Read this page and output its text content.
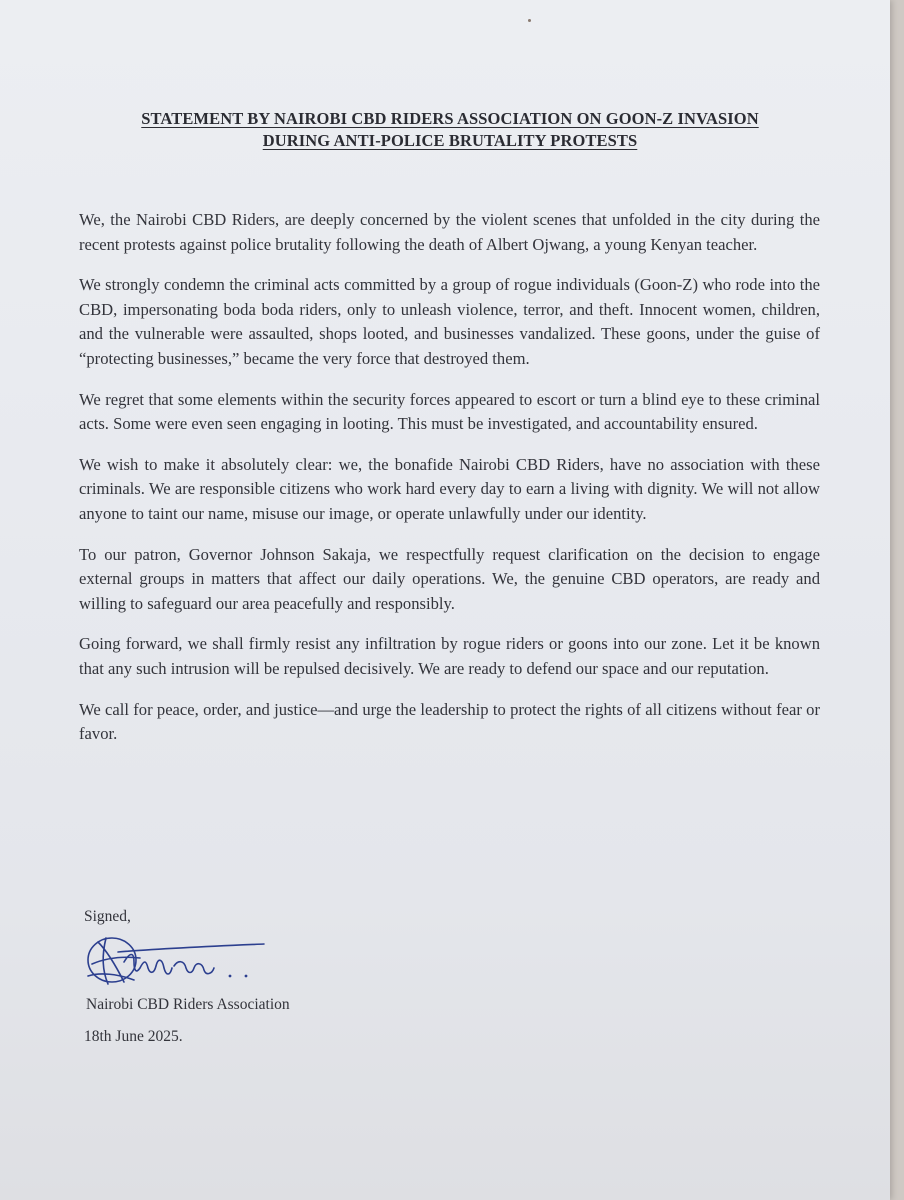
STATEMENT BY NAIROBI CBD RIDERS ASSOCIATION ON GOON-Z INVASION
DURING ANTI-POLICE BRUTALITY PROTESTS

We, the Nairobi CBD Riders, are deeply concerned by the violent scenes that unfolded in the city during the recent protests against police brutality following the death of Albert Ojwang, a young Kenyan teacher.

We strongly condemn the criminal acts committed by a group of rogue individuals (Goon-Z) who rode into the CBD, impersonating boda boda riders, only to unleash violence, terror, and theft. Innocent women, children, and the vulnerable were assaulted, shops looted, and businesses vandalized. These goons, under the guise of “protecting businesses,” became the very force that destroyed them.

We regret that some elements within the security forces appeared to escort or turn a blind eye to these criminal acts. Some were even seen engaging in looting. This must be investigated, and accountability ensured.

We wish to make it absolutely clear: we, the bonafide Nairobi CBD Riders, have no association with these criminals. We are responsible citizens who work hard every day to earn a living with dignity. We will not allow anyone to taint our name, misuse our image, or operate unlawfully under our identity.

To our patron, Governor Johnson Sakaja, we respectfully request clarification on the decision to engage external groups in matters that affect our daily operations. We, the genuine CBD operators, are ready and willing to safeguard our area peacefully and responsibly.

Going forward, we shall firmly resist any infiltration by rogue riders or goons into our zone. Let it be known that any such intrusion will be repulsed decisively. We are ready to defend our space and our reputation.

We call for peace, order, and justice—and urge the leadership to protect the rights of all citizens without fear or favor.

Signed,
Nairobi CBD Riders Association
18th June 2025.
